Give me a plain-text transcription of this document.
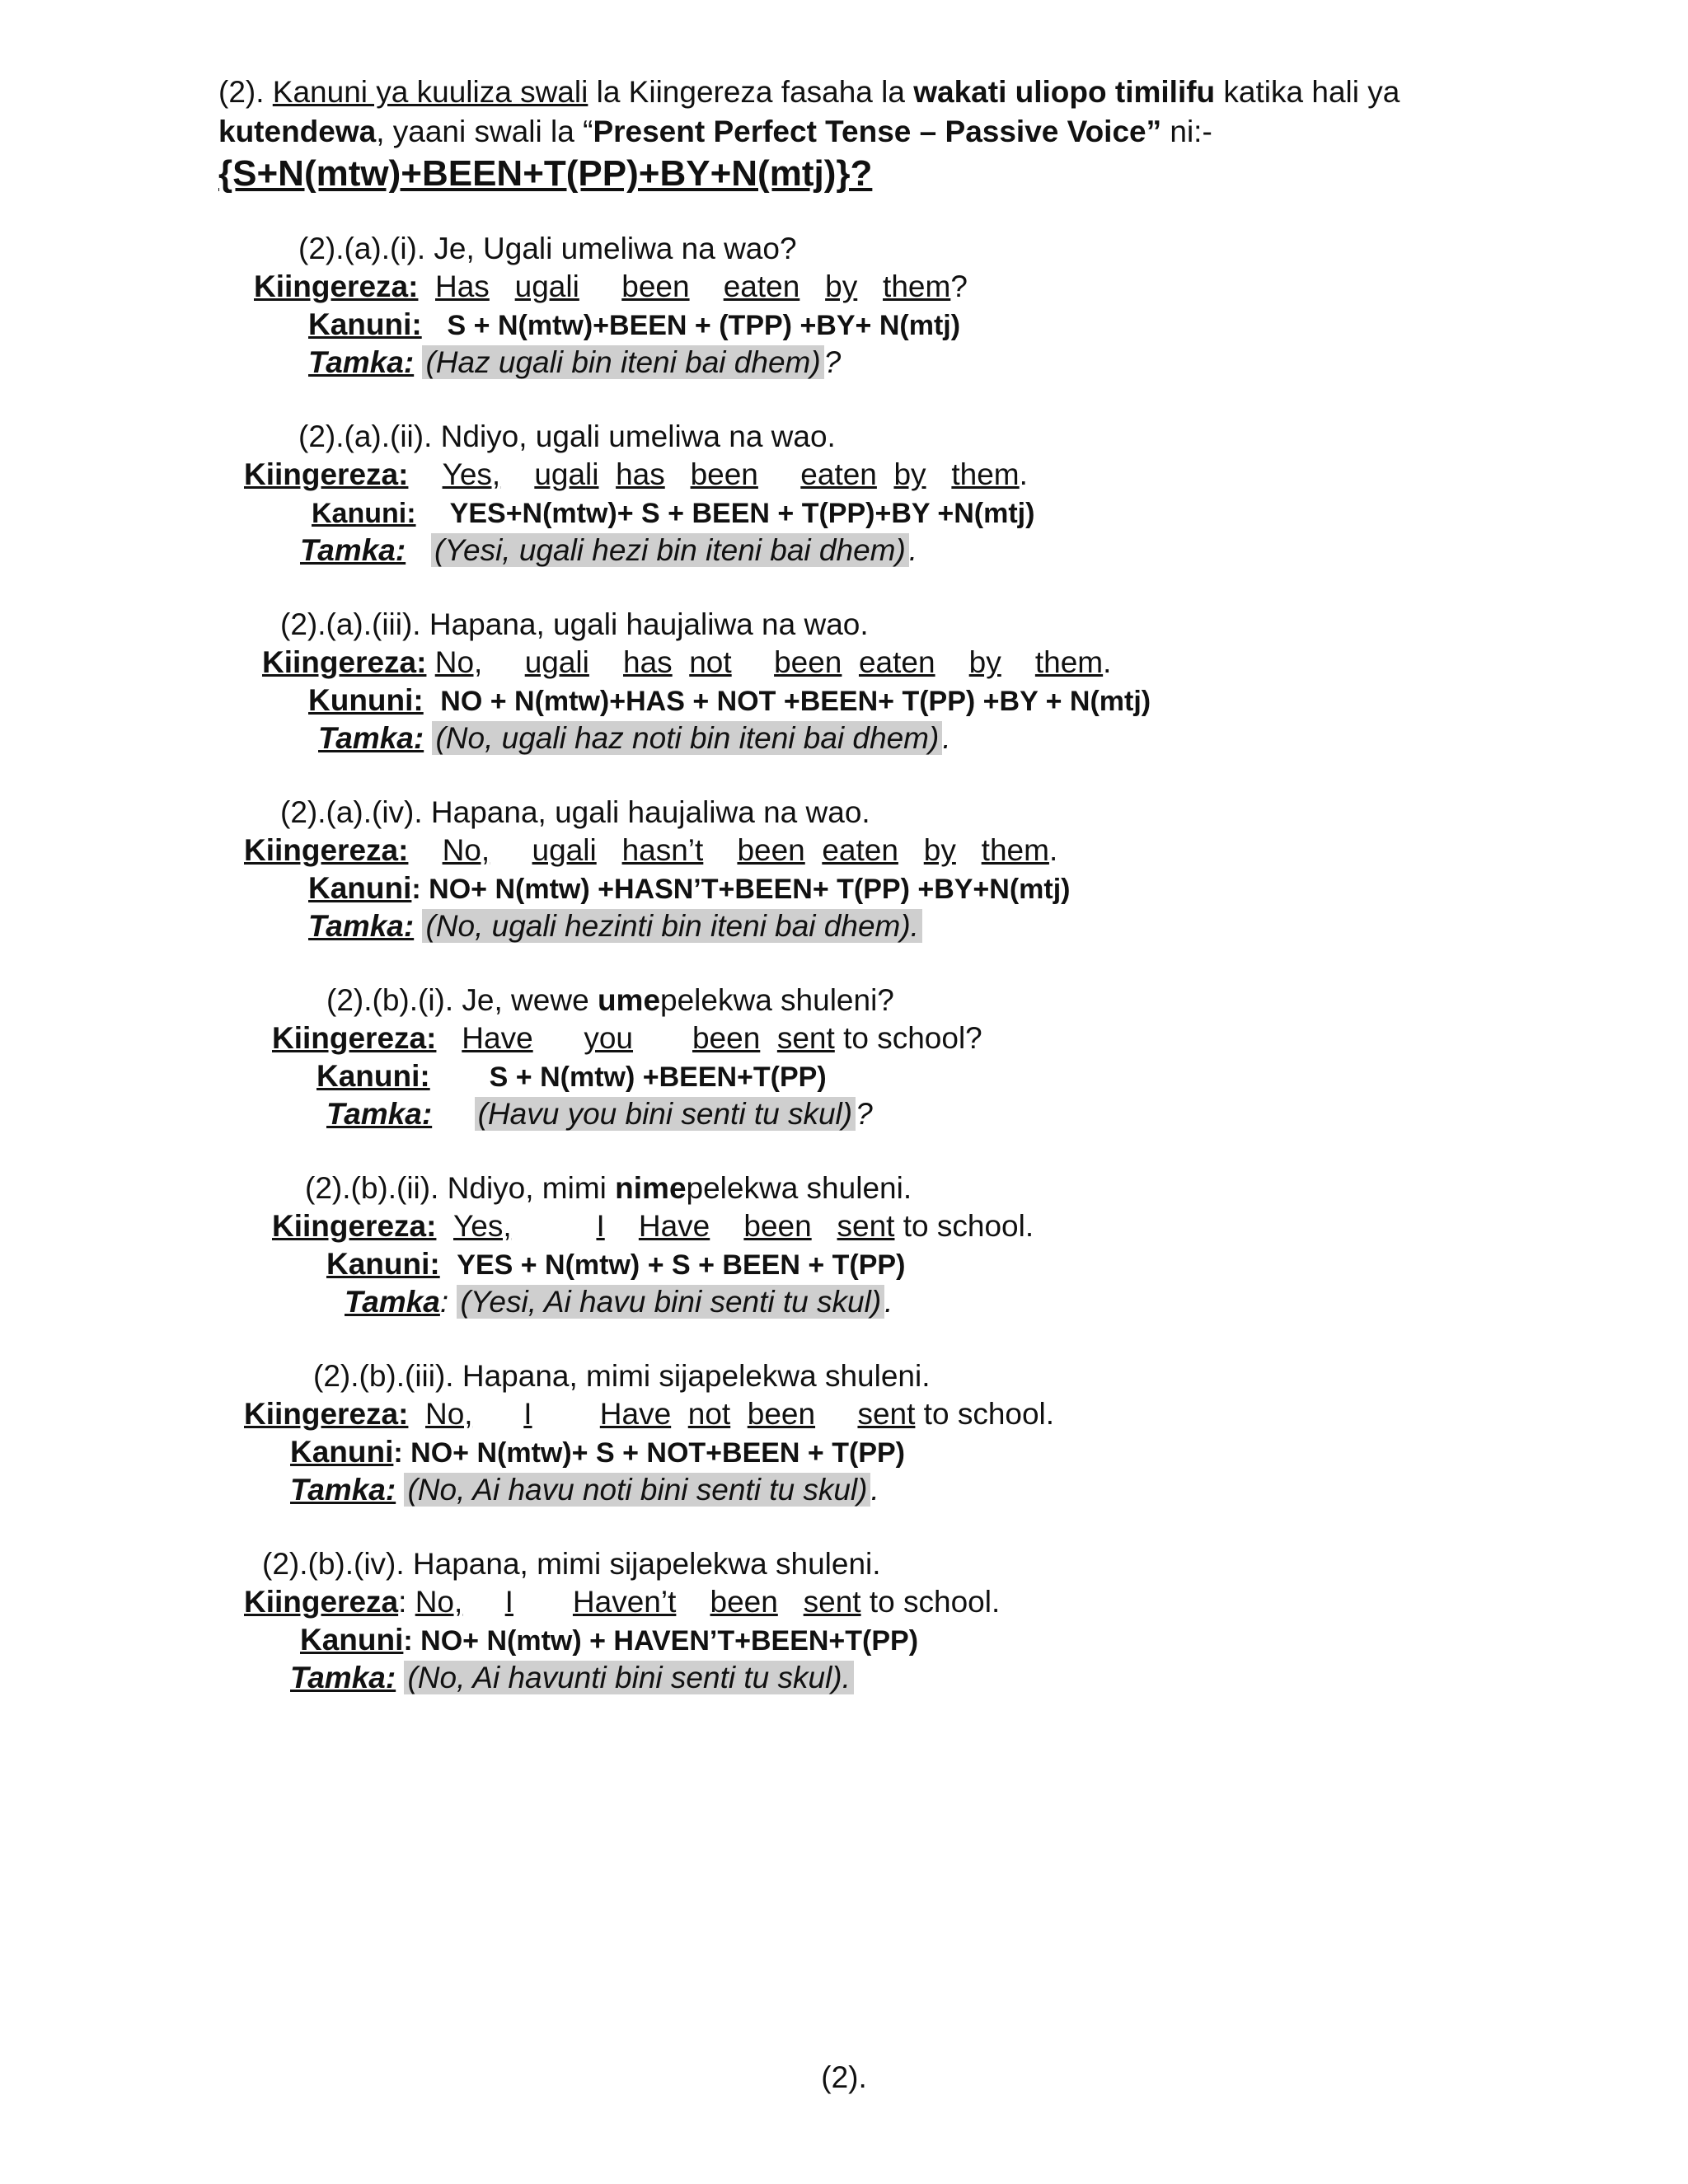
(2). Kanuni ya kuuliza swali la Kiingereza fasaha la wakati uliopo timilifu katika hali ya kutendewa, yaani swali la “Present Perfect Tense – Passive Voice” ni:-
{S+N(mtw)+BEEN+T(PP)+BY+N(mtj)}?
(2).(a).(i). Je, Ugali umeliwa na wao?
Kiingereza: Has ugali been eaten by them?
Kanuni: S + N(mtw)+BEEN + (TPP) +BY+ N(mtj)
Tamka: (Haz ugali bin iteni bai dhem) ?
(2).(a).(ii). Ndiyo, ugali umeliwa na wao.
Kiingereza: Yes, ugali has been eaten by them.
Kanuni: YES+N(mtw)+ S + BEEN + T(PP)+BY +N(mtj)
Tamka: (Yesi, ugali hezi bin iteni bai dhem) .
(2).(a).(iii). Hapana, ugali haujaliwa na wao.
Kiingereza: No, ugali has not been eaten by them.
Kununi: NO + N(mtw)+HAS + NOT +BEEN+ T(PP) +BY + N(mtj)
Tamka: (No, ugali haz noti bin iteni bai dhem) .
(2).(a).(iv). Hapana, ugali haujaliwa na wao.
Kiingereza: No, ugali hasn’t been eaten by them.
Kanuni: NO+ N(mtw) +HASN’T+BEEN+ T(PP) +BY+N(mtj)
Tamka: (No, ugali hezinti bin iteni bai dhem).
(2).(b).(i). Je, wewe umepelekwa shuleni?
Kiingereza: Have you been sent to school?
Kanuni: S + N(mtw) +BEEN+T(PP)
Tamka: (Havu you bini senti tu skul) ?
(2).(b).(ii). Ndiyo, mimi nimepelekwa shuleni.
Kiingereza: Yes,	I Have been sent to school.
Kanuni: YES + N(mtw) + S + BEEN + T(PP)
Tamka: (Yesi, Ai havu bini senti tu skul) .
(2).(b).(iii). Hapana, mimi sijapelekwa shuleni.
Kiingereza: No, I Have not been sent to school.
Kanuni: NO+ N(mtw)+ S + NOT+BEEN + T(PP)
Tamka: (No, Ai havu noti bini senti tu skul) .
(2).(b).(iv). Hapana, mimi sijapelekwa shuleni.
Kiingereza: No, I Haven’t been sent to school.
Kanuni: NO+ N(mtw) + HAVEN’T+BEEN+T(PP)
Tamka: (No, Ai havunti bini senti tu skul).
(2).
